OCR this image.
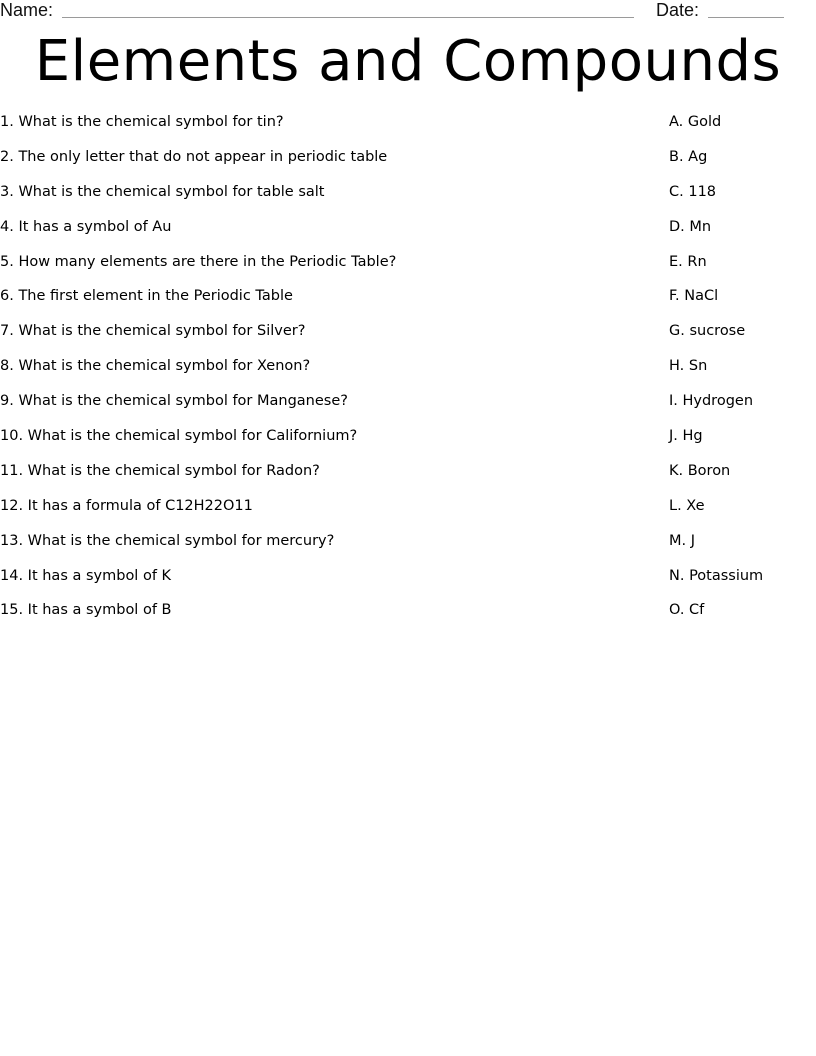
Name:	Date:
Elements and Compounds
1. What is the chemical symbol for tin?
2. The only letter that do not appear in periodic table
3. What is the chemical symbol for table salt
4. It has a symbol of Au
5. How many elements are there in the Periodic Table?
6. The first element in the Periodic Table
7. What is the chemical symbol for Silver?
8. What is the chemical symbol for Xenon?
9. What is the chemical symbol for Manganese?
10. What is the chemical symbol for Californium?
11. What is the chemical symbol for Radon?
12. It has a formula of C12H22O11
13. What is the chemical symbol for mercury?
14. It has a symbol of K
15. It has a symbol of B
A. Gold
B. Ag
C. 118
D. Mn
E. Rn
F. NaCl
G. sucrose
H. Sn
I. Hydrogen
J. Hg
K. Boron
L. Xe
M. J
N. Potassium
O. Cf
